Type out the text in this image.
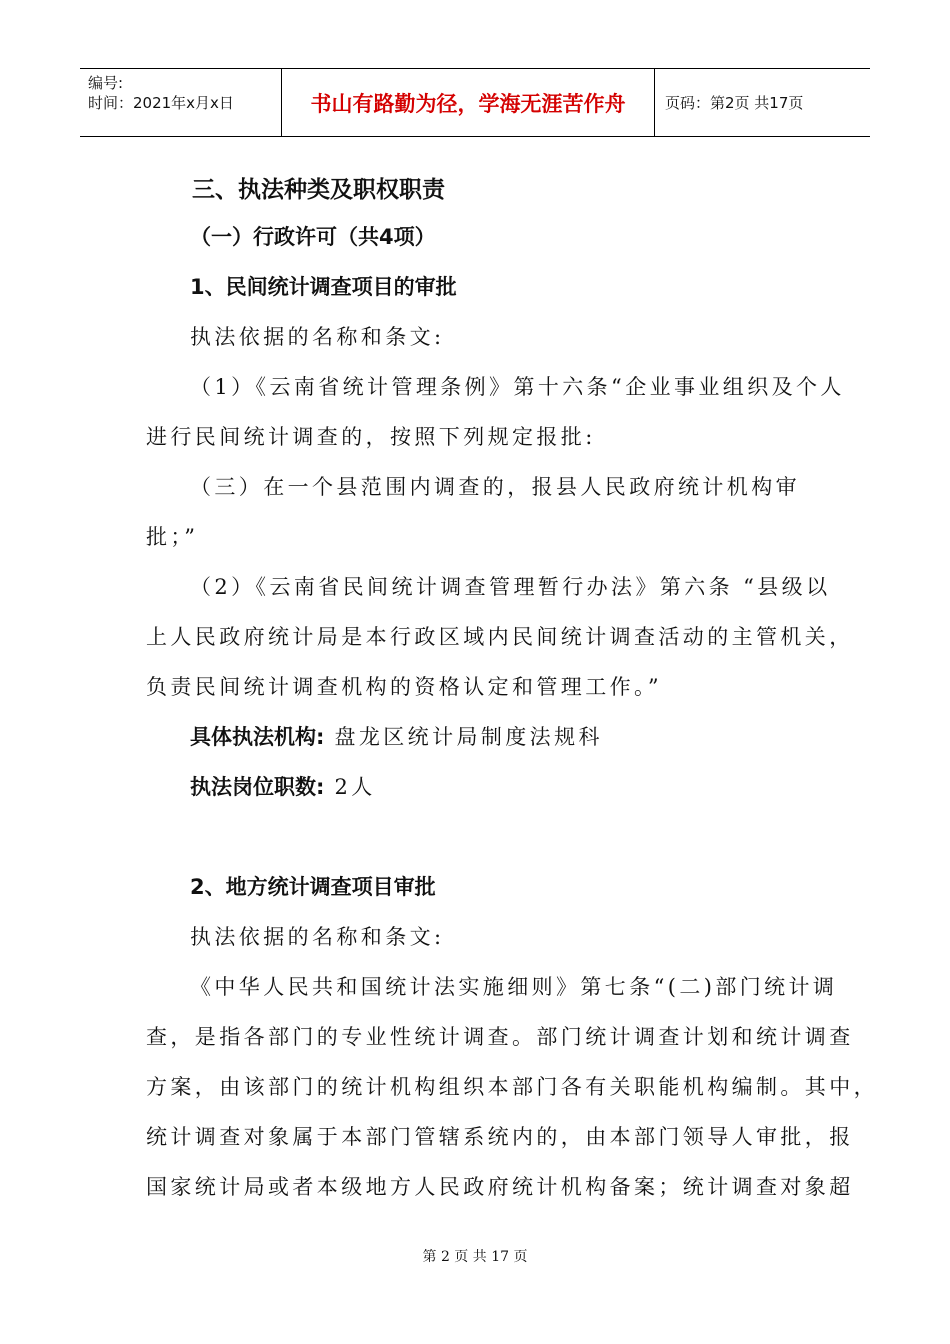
编号:
时间：2021年x月x日	书山有路勤为径，学海无涯苦作舟	页码：第2页 共17页
三、执法种类及职权职责
（一）行政许可（共4项）
1、民间统计调查项目的审批
执法依据的名称和条文:
（1）《云南省统计管理条例》第十六条“企业事业组织及个人
进行民间统计调查的，按照下列规定报批:
（三）在一个县范围内调查的，报县人民政府统计机构审
批；”
（2）《云南省民间统计调查管理暂行办法》第六条 “县级以
上人民政府统计局是本行政区域内民间统计调查活动的主管机关，
负责民间统计调查机构的资格认定和管理工作。”
具体执法机构: 盘龙区统计局制度法规科
执法岗位职数: 2人
2、地方统计调查项目审批
执法依据的名称和条文:
《中华人民共和国统计法实施细则》第七条“(二)部门统计调
查，是指各部门的专业性统计调查。部门统计调查计划和统计调查
方案，由该部门的统计机构组织本部门各有关职能机构编制。其中，
统计调查对象属于本部门管辖系统内的，由本部门领导人审批，报
国家统计局或者本级地方人民政府统计机构备案；统计调查对象超
第 2 页 共 17 页
